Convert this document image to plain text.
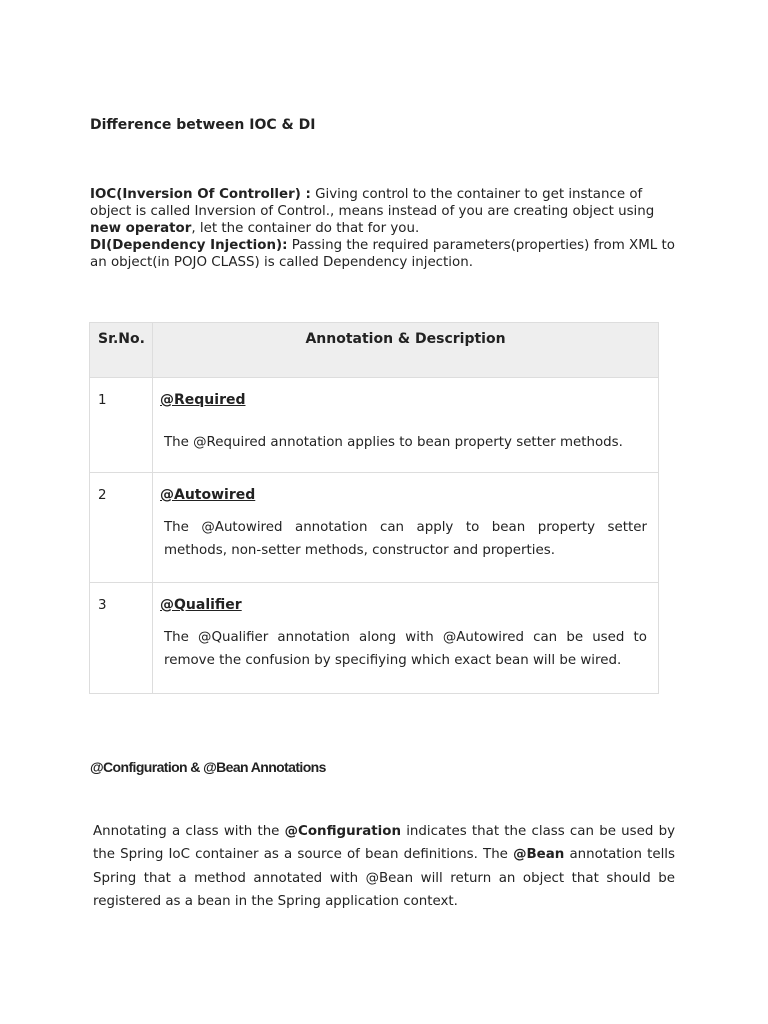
Difference between IOC & DI

IOC(Inversion Of Controller) : Giving control to the container to get instance of object is called Inversion of Control., means instead of you are creating object using new operator, let the container do that for you.
DI(Dependency Injection): Passing the required parameters(properties) from XML to an object(in POJO CLASS) is called Dependency injection.

Sr.No.	Annotation & Description

1	@Required
The @Required annotation applies to bean property setter methods.

2	@Autowired
The @Autowired annotation can apply to bean property setter methods, non-setter methods, constructor and properties.

3	@Qualifier
The @Qualifier annotation along with @Autowired can be used to remove the confusion by specifiying which exact bean will be wired.
@Configuration & @Bean Annotations

Annotating a class with the @Configuration indicates that the class can be used by the Spring IoC container as a source of bean definitions. The @Bean annotation tells Spring that a method annotated with @Bean will return an object that should be registered as a bean in the Spring application context.
